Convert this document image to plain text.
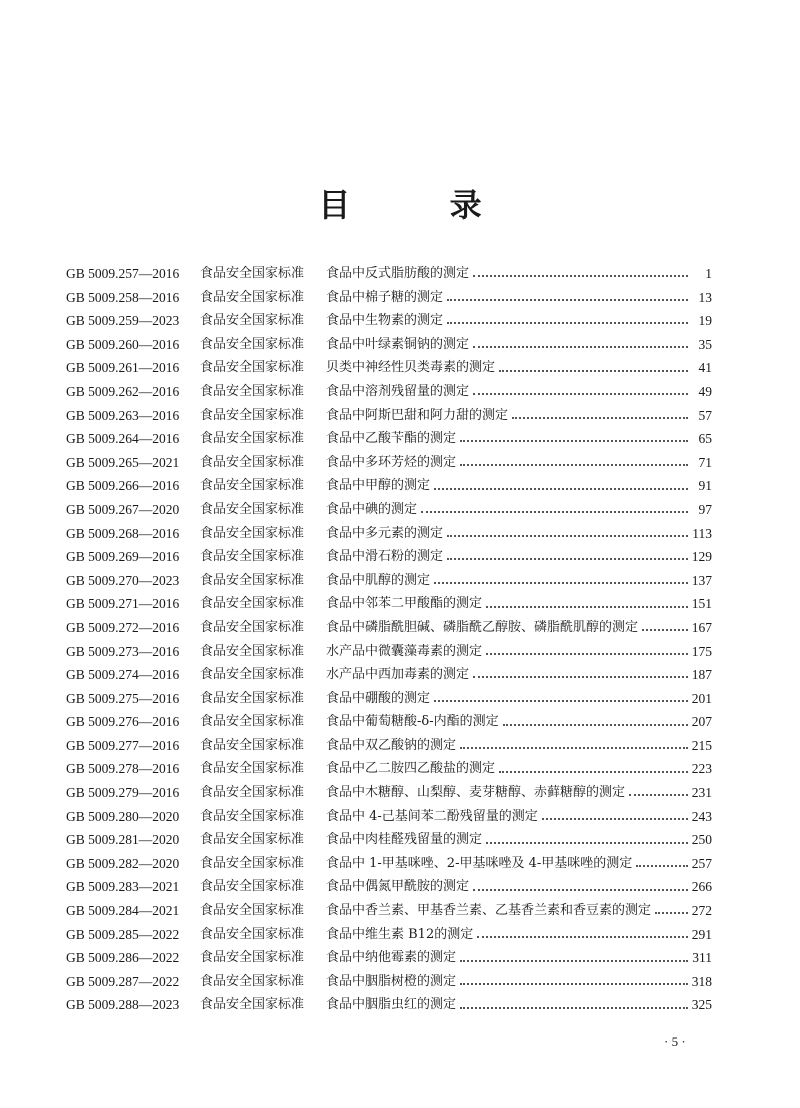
目 录
GB 5009.257—2016	食品安全国家标准	食品中反式脂肪酸的测定	1
GB 5009.258—2016	食品安全国家标准	食品中棉子糖的测定	13
GB 5009.259—2023	食品安全国家标准	食品中生物素的测定	19
GB 5009.260—2016	食品安全国家标准	食品中叶绿素铜钠的测定	35
GB 5009.261—2016	食品安全国家标准	贝类中神经性贝类毒素的测定	41
GB 5009.262—2016	食品安全国家标准	食品中溶剂残留量的测定	49
GB 5009.263—2016	食品安全国家标准	食品中阿斯巴甜和阿力甜的测定	57
GB 5009.264—2016	食品安全国家标准	食品中乙酸苄酯的测定	65
GB 5009.265—2021	食品安全国家标准	食品中多环芳烃的测定	71
GB 5009.266—2016	食品安全国家标准	食品中甲醇的测定	91
GB 5009.267—2020	食品安全国家标准	食品中碘的测定	97
GB 5009.268—2016	食品安全国家标准	食品中多元素的测定	113
GB 5009.269—2016	食品安全国家标准	食品中滑石粉的测定	129
GB 5009.270—2023	食品安全国家标准	食品中肌醇的测定	137
GB 5009.271—2016	食品安全国家标准	食品中邻苯二甲酸酯的测定	151
GB 5009.272—2016	食品安全国家标准	食品中磷脂酰胆碱、磷脂酰乙醇胺、磷脂酰肌醇的测定	167
GB 5009.273—2016	食品安全国家标准	水产品中微囊藻毒素的测定	175
GB 5009.274—2016	食品安全国家标准	水产品中西加毒素的测定	187
GB 5009.275—2016	食品安全国家标准	食品中硼酸的测定	201
GB 5009.276—2016	食品安全国家标准	食品中葡萄糖酸-δ-内酯的测定	207
GB 5009.277—2016	食品安全国家标准	食品中双乙酸钠的测定	215
GB 5009.278—2016	食品安全国家标准	食品中乙二胺四乙酸盐的测定	223
GB 5009.279—2016	食品安全国家标准	食品中木糖醇、山梨醇、麦芽糖醇、赤藓糖醇的测定	231
GB 5009.280—2020	食品安全国家标准	食品中 4-己基间苯二酚残留量的测定	243
GB 5009.281—2020	食品安全国家标准	食品中肉桂醛残留量的测定	250
GB 5009.282—2020	食品安全国家标准	食品中 1-甲基咪唑、2-甲基咪唑及 4-甲基咪唑的测定	257
GB 5009.283—2021	食品安全国家标准	食品中偶氮甲酰胺的测定	266
GB 5009.284—2021	食品安全国家标准	食品中香兰素、甲基香兰素、乙基香兰素和香豆素的测定	272
GB 5009.285—2022	食品安全国家标准	食品中维生素 B12的测定	291
GB 5009.286—2022	食品安全国家标准	食品中纳他霉素的测定	311
GB 5009.287—2022	食品安全国家标准	食品中胭脂树橙的测定	318
GB 5009.288—2023	食品安全国家标准	食品中胭脂虫红的测定	325
· 5 ·
